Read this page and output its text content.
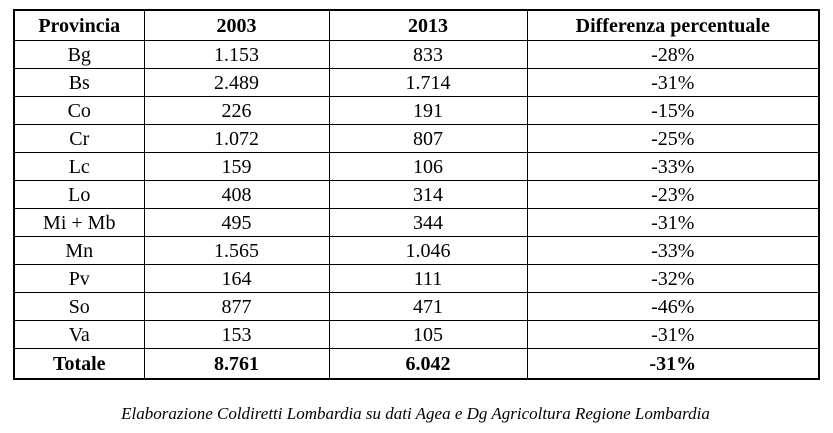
Provincia	2003	2013	Differenza percentuale
Bg	1.153	833	-28%
Bs	2.489	1.714	-31%
Co	226	191	-15%
Cr	1.072	807	-25%
Lc	159	106	-33%
Lo	408	314	-23%
Mi + Mb	495	344	-31%
Mn	1.565	1.046	-33%
Pv	164	111	-32%
So	877	471	-46%
Va	153	105	-31%
Totale	8.761	6.042	-31%
Elaborazione Coldiretti Lombardia su dati Agea e Dg Agricoltura Regione Lombardia
